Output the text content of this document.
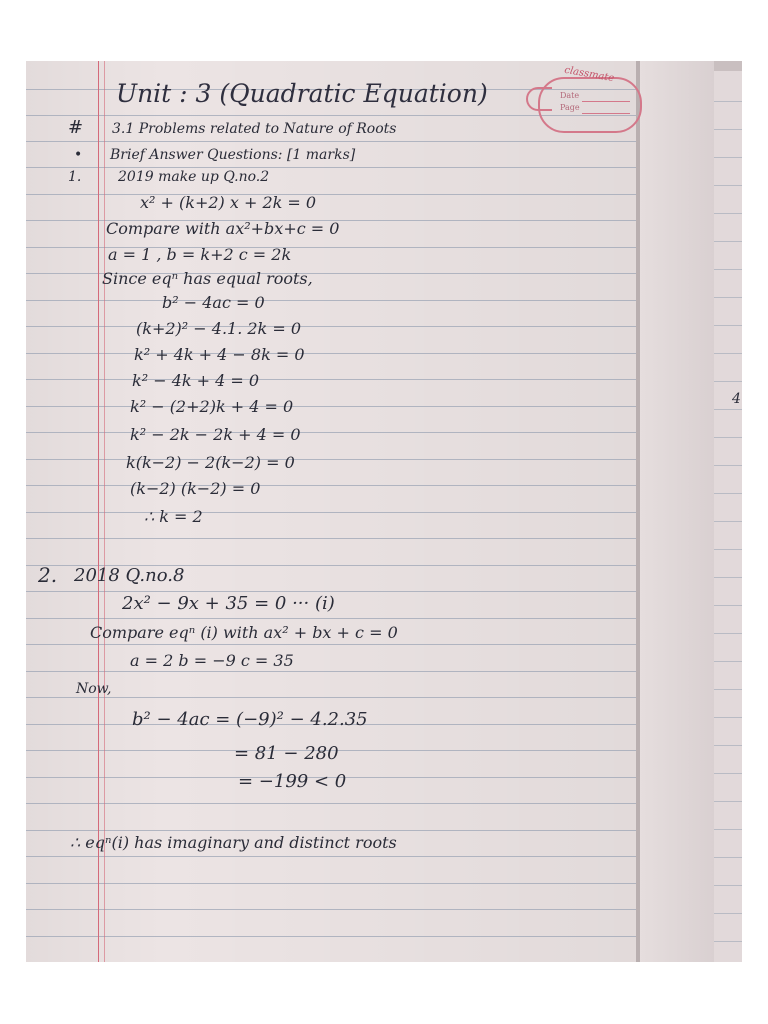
4
classmate
Date
Page
Unit : 3 (Quadratic Equation)
# 3.1 Problems related to Nature of Roots
• Brief Answer Questions: [1 marks]
1.	2019 make up Q.no.2
x² + (k+2) x + 2k = 0
Compare with ax²+bx+c = 0
a = 1 , b = k+2 c = 2k
Since eqⁿ has equal roots,
b² − 4ac = 0
(k+2)² − 4.1. 2k = 0
k² + 4k + 4 − 8k = 0
k² − 4k + 4 = 0
k² − (2+2)k + 4 = 0
k² − 2k − 2k + 4 = 0
k(k−2) − 2(k−2) = 0
(k−2) (k−2) = 0
∴ k = 2
2. 2018 Q.no.8
2x² − 9x + 35 = 0 ··· (i)
Compare eqⁿ (i) with ax² + bx + c = 0
a = 2 b = −9 c = 35
Now,
b² − 4ac = (−9)² − 4.2.35
= 81 − 280
= −199 < 0
∴ eqⁿ(i) has imaginary and distinct roots
